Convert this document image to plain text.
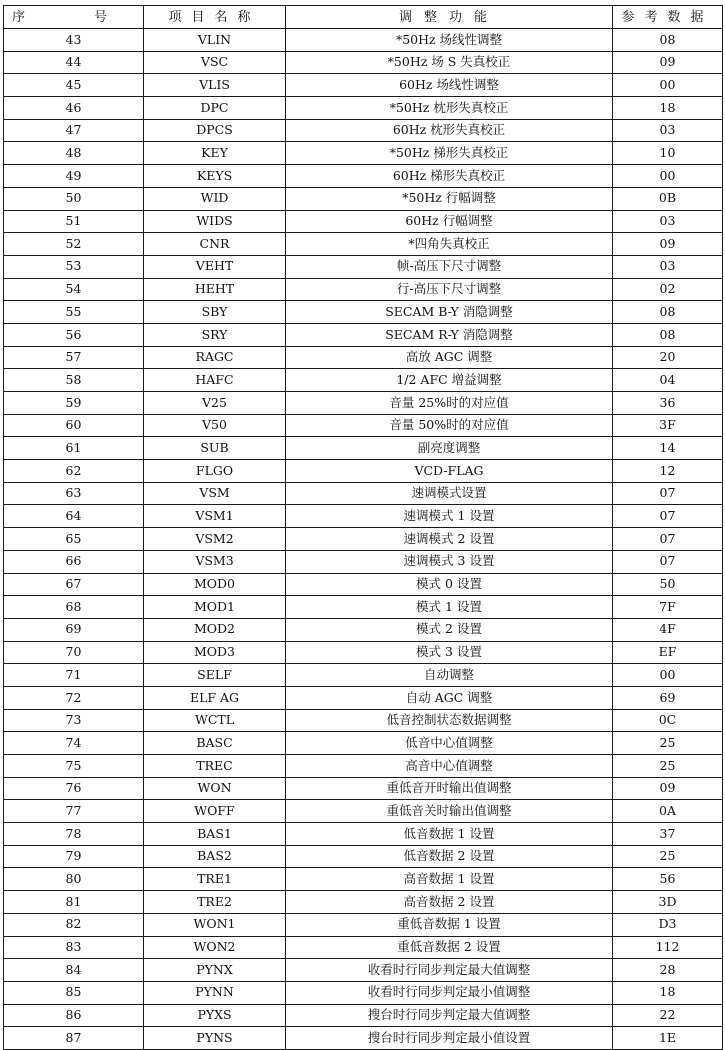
序　号	项目名称	调整功能	参考数据
43	VLIN	*50Hz 场线性调整	08
44	VSC	*50Hz 场 S 失真校正	09
45	VLIS	60Hz 场线性调整	00
46	DPC	*50Hz 枕形失真校正	18
47	DPCS	60Hz 枕形失真校正	03
48	KEY	*50Hz 梯形失真校正	10
49	KEYS	60Hz 梯形失真校正	00
50	WID	*50Hz 行幅调整	0B
51	WIDS	60Hz 行幅调整	03
52	CNR	*四角失真校正	09
53	VEHT	帧-高压下尺寸调整	03
54	HEHT	行-高压下尺寸调整	02
55	SBY	SECAM B-Y 消隐调整	08
56	SRY	SECAM R-Y 消隐调整	08
57	RAGC	高放 AGC 调整	20
58	HAFC	1/2 AFC 增益调整	04
59	V25	音量 25%时的对应值	36
60	V50	音量 50%时的对应值	3F
61	SUB	副亮度调整	14
62	FLGO	VCD-FLAG	12
63	VSM	速调模式设置	07
64	VSM1	速调模式 1 设置	07
65	VSM2	速调模式 2 设置	07
66	VSM3	速调模式 3 设置	07
67	MOD0	模式 0 设置	50
68	MOD1	模式 1 设置	7F
69	MOD2	模式 2 设置	4F
70	MOD3	模式 3 设置	EF
71	SELF	自动调整	00
72	ELF AG	自动 AGC 调整	69
73	WCTL	低音控制状态数据调整	0C
74	BASC	低音中心值调整	25
75	TREC	高音中心值调整	25
76	WON	重低音开时输出值调整	09
77	WOFF	重低音关时输出值调整	0A
78	BAS1	低音数据 1 设置	37
79	BAS2	低音数据 2 设置	25
80	TRE1	高音数据 1 设置	56
81	TRE2	高音数据 2 设置	3D
82	WON1	重低音数据 1 设置	D3
83	WON2	重低音数据 2 设置	112
84	PYNX	收看时行同步判定最大值调整	28
85	PYNN	收看时行同步判定最小值调整	18
86	PYXS	搜台时行同步判定最大值调整	22
87	PYNS	搜台时行同步判定最小值设置	1E
